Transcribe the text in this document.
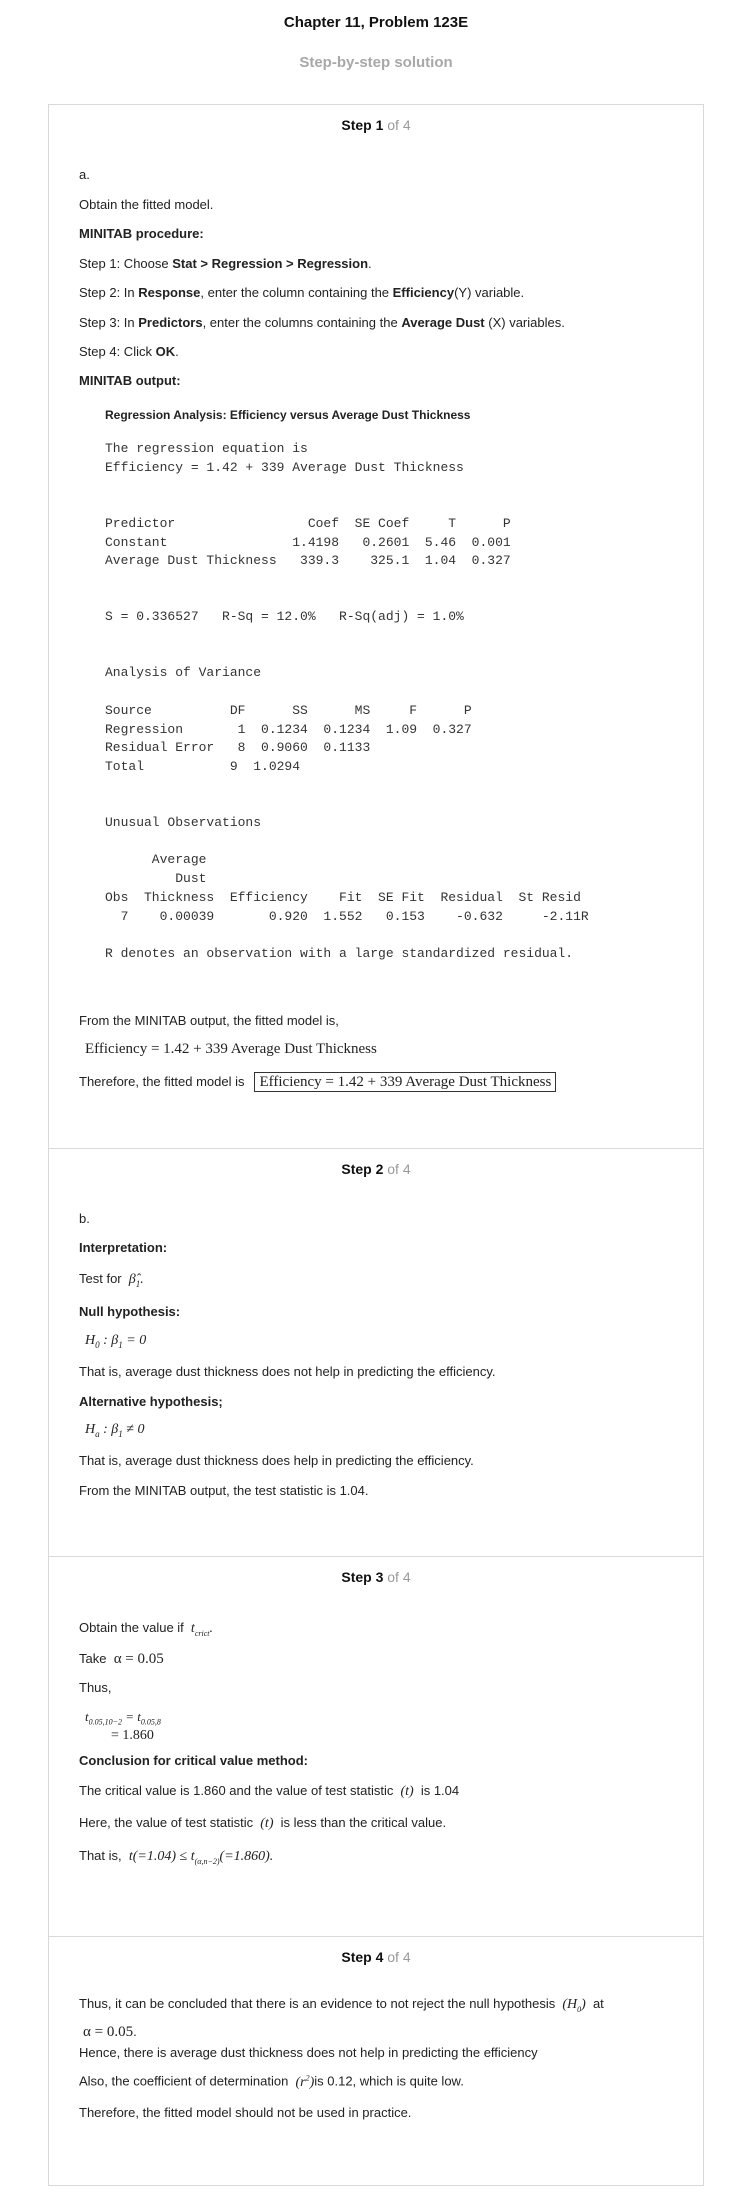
Chapter 11, Problem 123E
Step-by-step solution
Step 1 of 4
a.
Obtain the fitted model.
MINITAB procedure:
Step 1: Choose Stat > Regression > Regression.
Step 2: In Response, enter the column containing the Efficiency(Y) variable.
Step 3: In Predictors, enter the columns containing the Average Dust (X) variables.
Step 4: Click OK.
MINITAB output:
Regression Analysis: Efficiency versus Average Dust Thickness
The regression equation is
Efficiency = 1.42 + 339 Average Dust Thickness

Predictor                 Coef  SE Coef     T      P
Constant                1.4198   0.2601  5.46  0.001
Average Dust Thickness   339.3    325.1  1.04  0.327

S = 0.336527   R-Sq = 12.0%   R-Sq(adj) = 1.0%

Analysis of Variance

Source          DF      SS      MS     F      P
Regression       1  0.1234  0.1234  1.09  0.327
Residual Error   8  0.9060  0.1133
Total           9  1.0294

Unusual Observations

Average
Dust
Obs  Thickness  Efficiency    Fit  SE Fit  Residual  St Resid
7    0.00039       0.920  1.552   0.153    -0.632     -2.11R

R denotes an observation with a large standardized residual.
From the MINITAB output, the fitted model is,
Efficiency = 1.42 + 339 Average Dust Thickness
Therefore, the fitted model is Efficiency = 1.42 + 339 Average Dust Thickness
Step 2 of 4
b.
Interpretation:
Test for  $\betâ_1$.
Null hypothesis:
$H_0$ : $\beta_1 = 0$
That is, average dust thickness does not help in predicting the efficiency.
Alternative hypothesis;
$H_a$ : $\beta_1 \ne 0$
That is, average dust thickness does help in predicting the efficiency.
From the MINITAB output, the test statistic is 1.04.
Step 3 of 4
Obtain the value if  $t_{crict}$.
Take α = 0.05
Thus,
$t_{0.05,10-2} = t_{0.05,8}$
= 1.860
Conclusion for critical value method:
The critical value is 1.860 and the value of test statistic  (t)  is 1.04
Here, the value of test statistic  (t)  is less than the critical value.
That is, $t(=1.04) \le t_{(\alpha,n-2)}(=1.860)$.
Step 4 of 4
Thus, it can be concluded that there is an evidence to not reject the null hypothesis  $(H_0)$  at
α = 0.05.
Hence, there is average dust thickness does not help in predicting the efficiency
Also, the coefficient of determination  $(r^2)is$ 0.12, which is quite low.
Therefore, the fitted model should not be used in practice.
